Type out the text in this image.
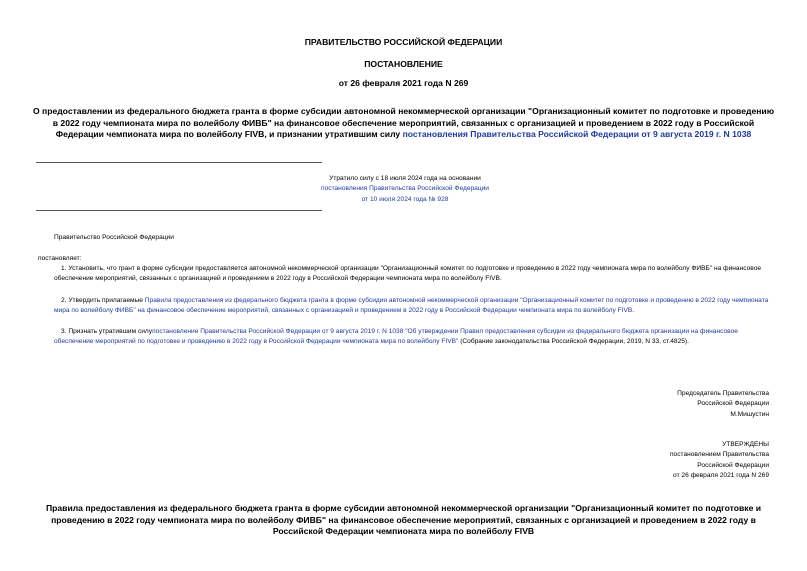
ПРАВИТЕЛЬСТВО РОССИЙСКОЙ ФЕДЕРАЦИИ
ПОСТАНОВЛЕНИЕ
от 26 февраля 2021 года N 269
О предоставлении из федерального бюджета гранта в форме субсидии автономной некоммерческой организации "Организационный комитет по подготовке и проведению в 2022 году чемпионата мира по волейболу ФИВБ" на финансовое обеспечение мероприятий, связанных с организацией и проведением в 2022 году в Российской Федерации чемпионата мира по волейболу FIVB, и признании утратившим силу постановления Правительства Российской Федерации от 9 августа 2019 г. N 1038
Утратило силу с 18 июля 2024 года на основании
постановления Правительства Российской Федерации
от 10 июля 2024 года № 928
Правительство Российской Федерации
постановляет:
1. Установить, что грант в форме субсидии предоставляется автономной некоммерческой организации "Организационный комитет по подготовке и проведению в 2022 году чемпионата мира по волейболу ФИВБ" на финансовое обеспечение мероприятий, связанных с организацией и проведением в 2022 году в Российской Федерации чемпионата мира по волейболу FIVB.
2. Утвердить прилагаемые Правила предоставления из федерального бюджета гранта в форме субсидии автономной некоммерческой организации "Организационный комитет по подготовке и проведению в 2022 году чемпионата мира по волейболу ФИВБ" на финансовое обеспечение мероприятий, связанных с организацией и проведением в 2022 году в Российской Федерации чемпионата мира по волейболу FIVB.
3. Признать утратившим силупостановление Правительства Российской Федерации от 9 августа 2019 г. N 1038 "Об утверждении Правил предоставления субсидии из федерального бюджета организации на финансовое обеспечение мероприятий по подготовке и проведению в 2022 году в Российской Федерации чемпионата мира по волейболу FIVB" (Собрание законодательства Российской Федерации, 2019, N 33, ст.4825).
Председатель Правительства
Российской Федерации
М.Мишустин
УТВЕРЖДЕНЫ
постановлением Правительства
Российской Федерации
от 26 февраля 2021 года N 269
Правила предоставления из федерального бюджета гранта в форме субсидии автономной некоммерческой организации "Организационный комитет по подготовке и проведению в 2022 году чемпионата мира по волейболу ФИВБ" на финансовое обеспечение мероприятий, связанных с организацией и проведением в 2022 году в Российской Федерации чемпионата мира по волейболу FIVB
